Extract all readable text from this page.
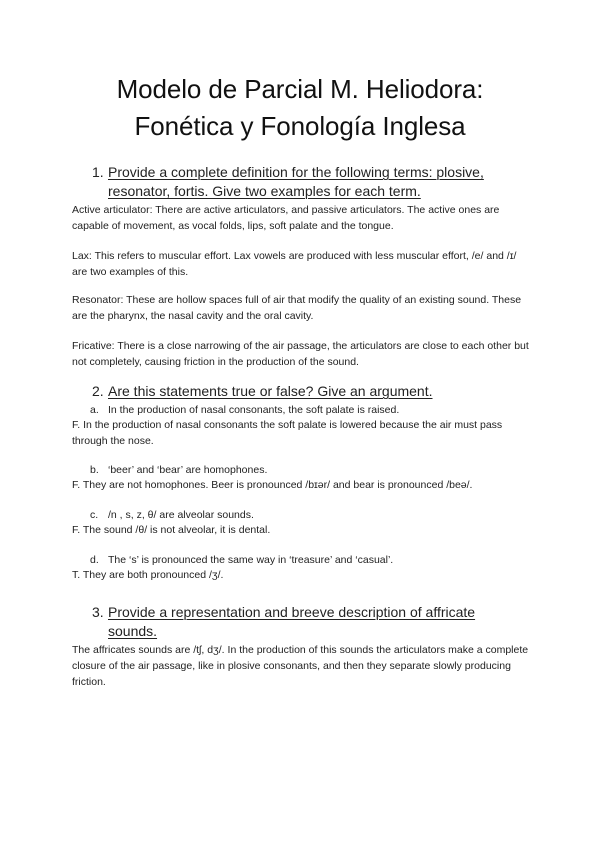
Modelo de Parcial M. Heliodora:
Fonética y Fonología Inglesa
1. Provide a complete definition for the following terms: plosive, resonator, fortis. Give two examples for each term.
Active articulator: There are active articulators, and passive articulators. The active ones are capable of movement, as vocal folds, lips, soft palate and the tongue.
Lax: This refers to muscular effort. Lax vowels are produced with less muscular effort, /e/ and /ɪ/ are two examples of this.
Resonator: These are hollow spaces full of air that modify the quality of an existing sound. These are the pharynx, the nasal cavity and the oral cavity.
Fricative: There is a close narrowing of the air passage, the articulators are close to each other but not completely, causing friction in the production of the sound.
2. Are this statements true or false? Give an argument.
a. In the production of nasal consonants, the soft palate is raised.
F. In the production of nasal consonants the soft palate is lowered because the air must pass through the nose.
b. ‘beer’ and ‘bear’ are homophones.
F. They are not homophones. Beer is pronounced /bɪər/ and bear is pronounced /beə/.
c. /n , s, z, θ/ are alveolar sounds.
F. The sound /θ/ is not alveolar, it is dental.
d. The ‘s’ is pronounced the same way in ‘treasure’ and ‘casual’.
T. They are both pronounced /ʒ/.
3. Provide a representation and breeve description of affricate sounds.
The affricates sounds are /tʃ, dʒ/. In the production of this sounds the articulators make a complete closure of the air passage, like in plosive consonants, and then they separate slowly producing friction.
